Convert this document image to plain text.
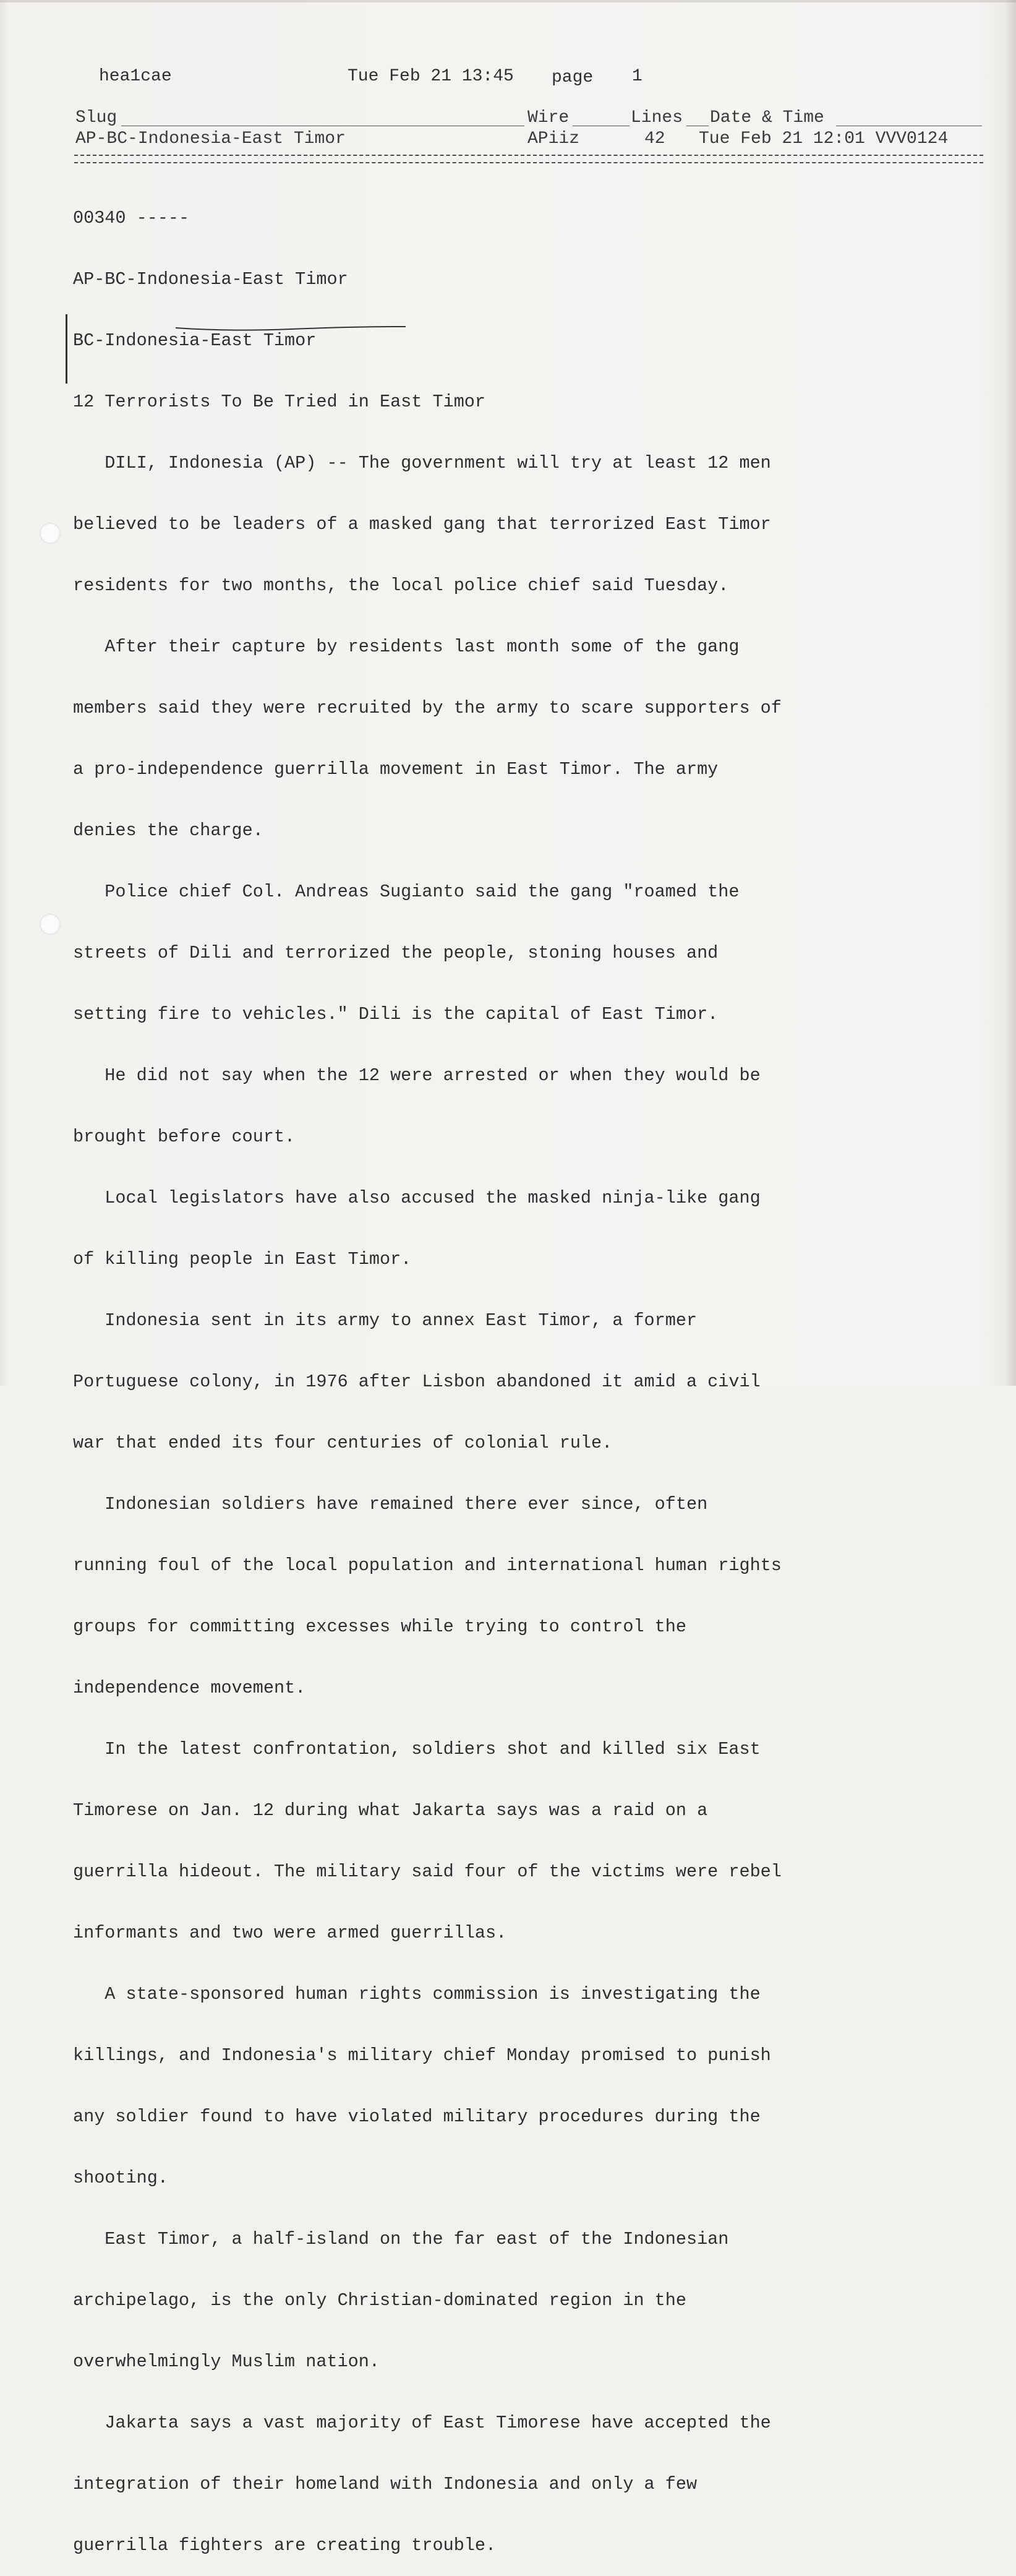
hea1cae	Tue Feb 21 13:45 page 1
Slug	Wire	Lines Date & Time
AP-BC-Indonesia-East Timor	APiiz	42 Tue Feb 21 12:01 VVV0124

00340 -----

AP-BC-Indonesia-East Timor

BC-Indonesia-East Timor

12 Terrorists To Be Tried in East Timor

DILI, Indonesia (AP) -- The government will try at least 12 men

believed to be leaders of a masked gang that terrorized East Timor

residents for two months, the local police chief said Tuesday.

After their capture by residents last month some of the gang

members said they were recruited by the army to scare supporters of

a pro-independence guerrilla movement in East Timor. The army

denies the charge.

Police chief Col. Andreas Sugianto said the gang "roamed the

streets of Dili and terrorized the people, stoning houses and

setting fire to vehicles." Dili is the capital of East Timor.

He did not say when the 12 were arrested or when they would be

brought before court.

Local legislators have also accused the masked ninja-like gang

of killing people in East Timor.

Indonesia sent in its army to annex East Timor, a former

Portuguese colony, in 1976 after Lisbon abandoned it amid a civil

war that ended its four centuries of colonial rule.

Indonesian soldiers have remained there ever since, often

running foul of the local population and international human rights

groups for committing excesses while trying to control the

independence movement.

In the latest confrontation, soldiers shot and killed six East

Timorese on Jan. 12 during what Jakarta says was a raid on a

guerrilla hideout. The military said four of the victims were rebel

informants and two were armed guerrillas.

A state-sponsored human rights commission is investigating the

killings, and Indonesia's military chief Monday promised to punish

any soldier found to have violated military procedures during the

shooting.

East Timor, a half-island on the far east of the Indonesian

archipelago, is the only Christian-dominated region in the

overwhelmingly Muslim nation.

Jakarta says a vast majority of East Timorese have accepted the

integration of their homeland with Indonesia and only a few

guerrilla fighters are creating trouble.
